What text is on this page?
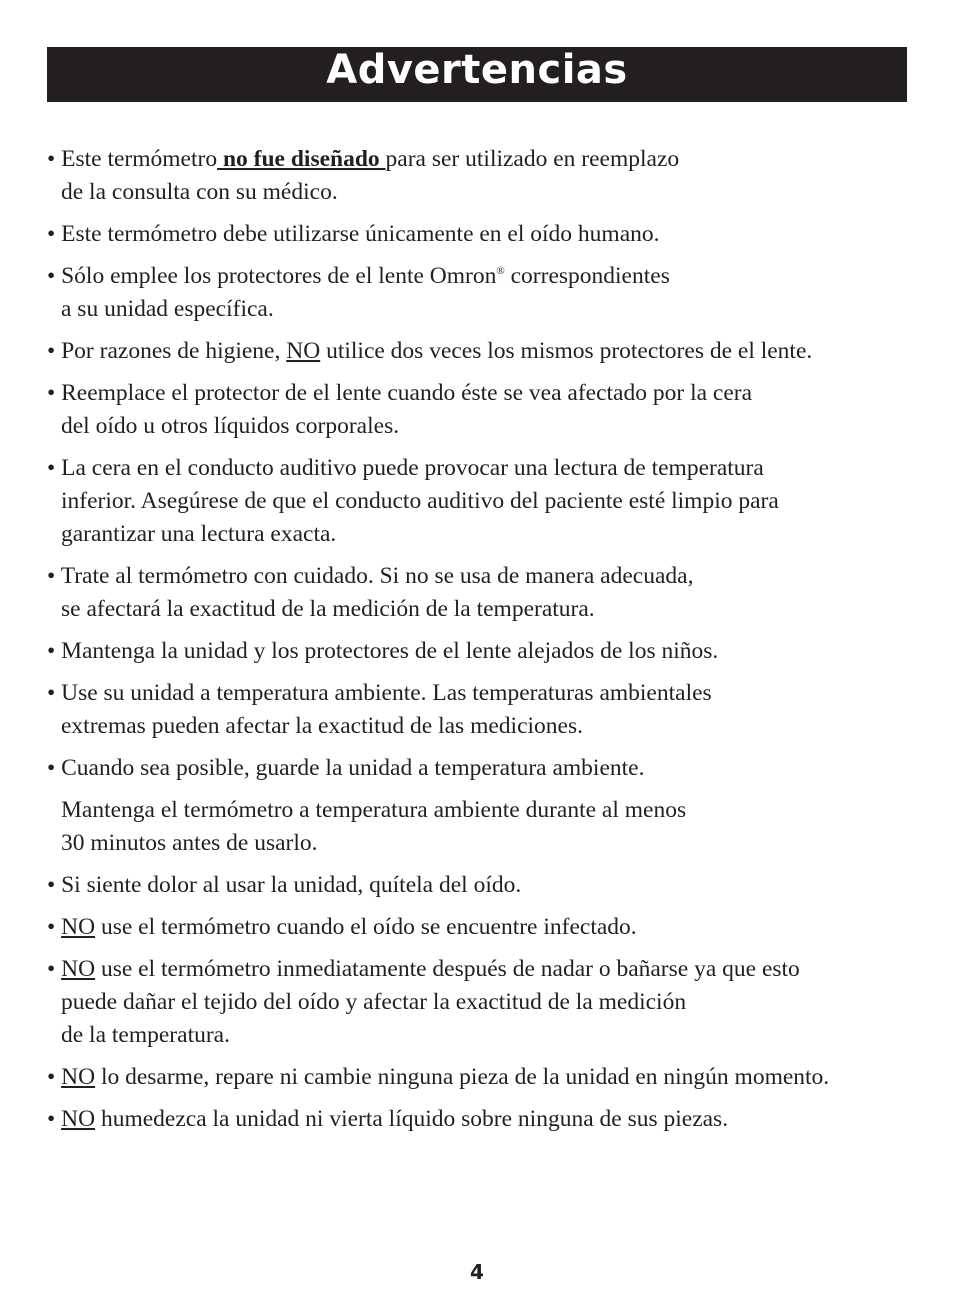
Advertencias
• Este termómetro no fue diseñado para ser utilizado en reemplazo
de la consulta con su médico.
• Este termómetro debe utilizarse únicamente en el oído humano.
• Sólo emplee los protectores de el lente Omron® correspondientes
a su unidad específica.
• Por razones de higiene, NO utilice dos veces los mismos protectores de el lente.
• Reemplace el protector de el lente cuando éste se vea afectado por la cera
del oído u otros líquidos corporales.
• La cera en el conducto auditivo puede provocar una lectura de temperatura
inferior. Asegúrese de que el conducto auditivo del paciente esté limpio para
garantizar una lectura exacta.
• Trate al termómetro con cuidado. Si no se usa de manera adecuada,
se afectará la exactitud de la medición de la temperatura.
• Mantenga la unidad y los protectores de el lente alejados de los niños.
• Use su unidad a temperatura ambiente. Las temperaturas ambientales
extremas pueden afectar la exactitud de las mediciones.
• Cuando sea posible, guarde la unidad a temperatura ambiente.
Mantenga el termómetro a temperatura ambiente durante al menos
30 minutos antes de usarlo.
• Si siente dolor al usar la unidad, quítela del oído.
• NO use el termómetro cuando el oído se encuentre infectado.
• NO use el termómetro inmediatamente después de nadar o bañarse ya que esto
puede dañar el tejido del oído y afectar la exactitud de la medición
de la temperatura.
• NO lo desarme, repare ni cambie ninguna pieza de la unidad en ningún momento.
• NO humedezca la unidad ni vierta líquido sobre ninguna de sus piezas.
4
